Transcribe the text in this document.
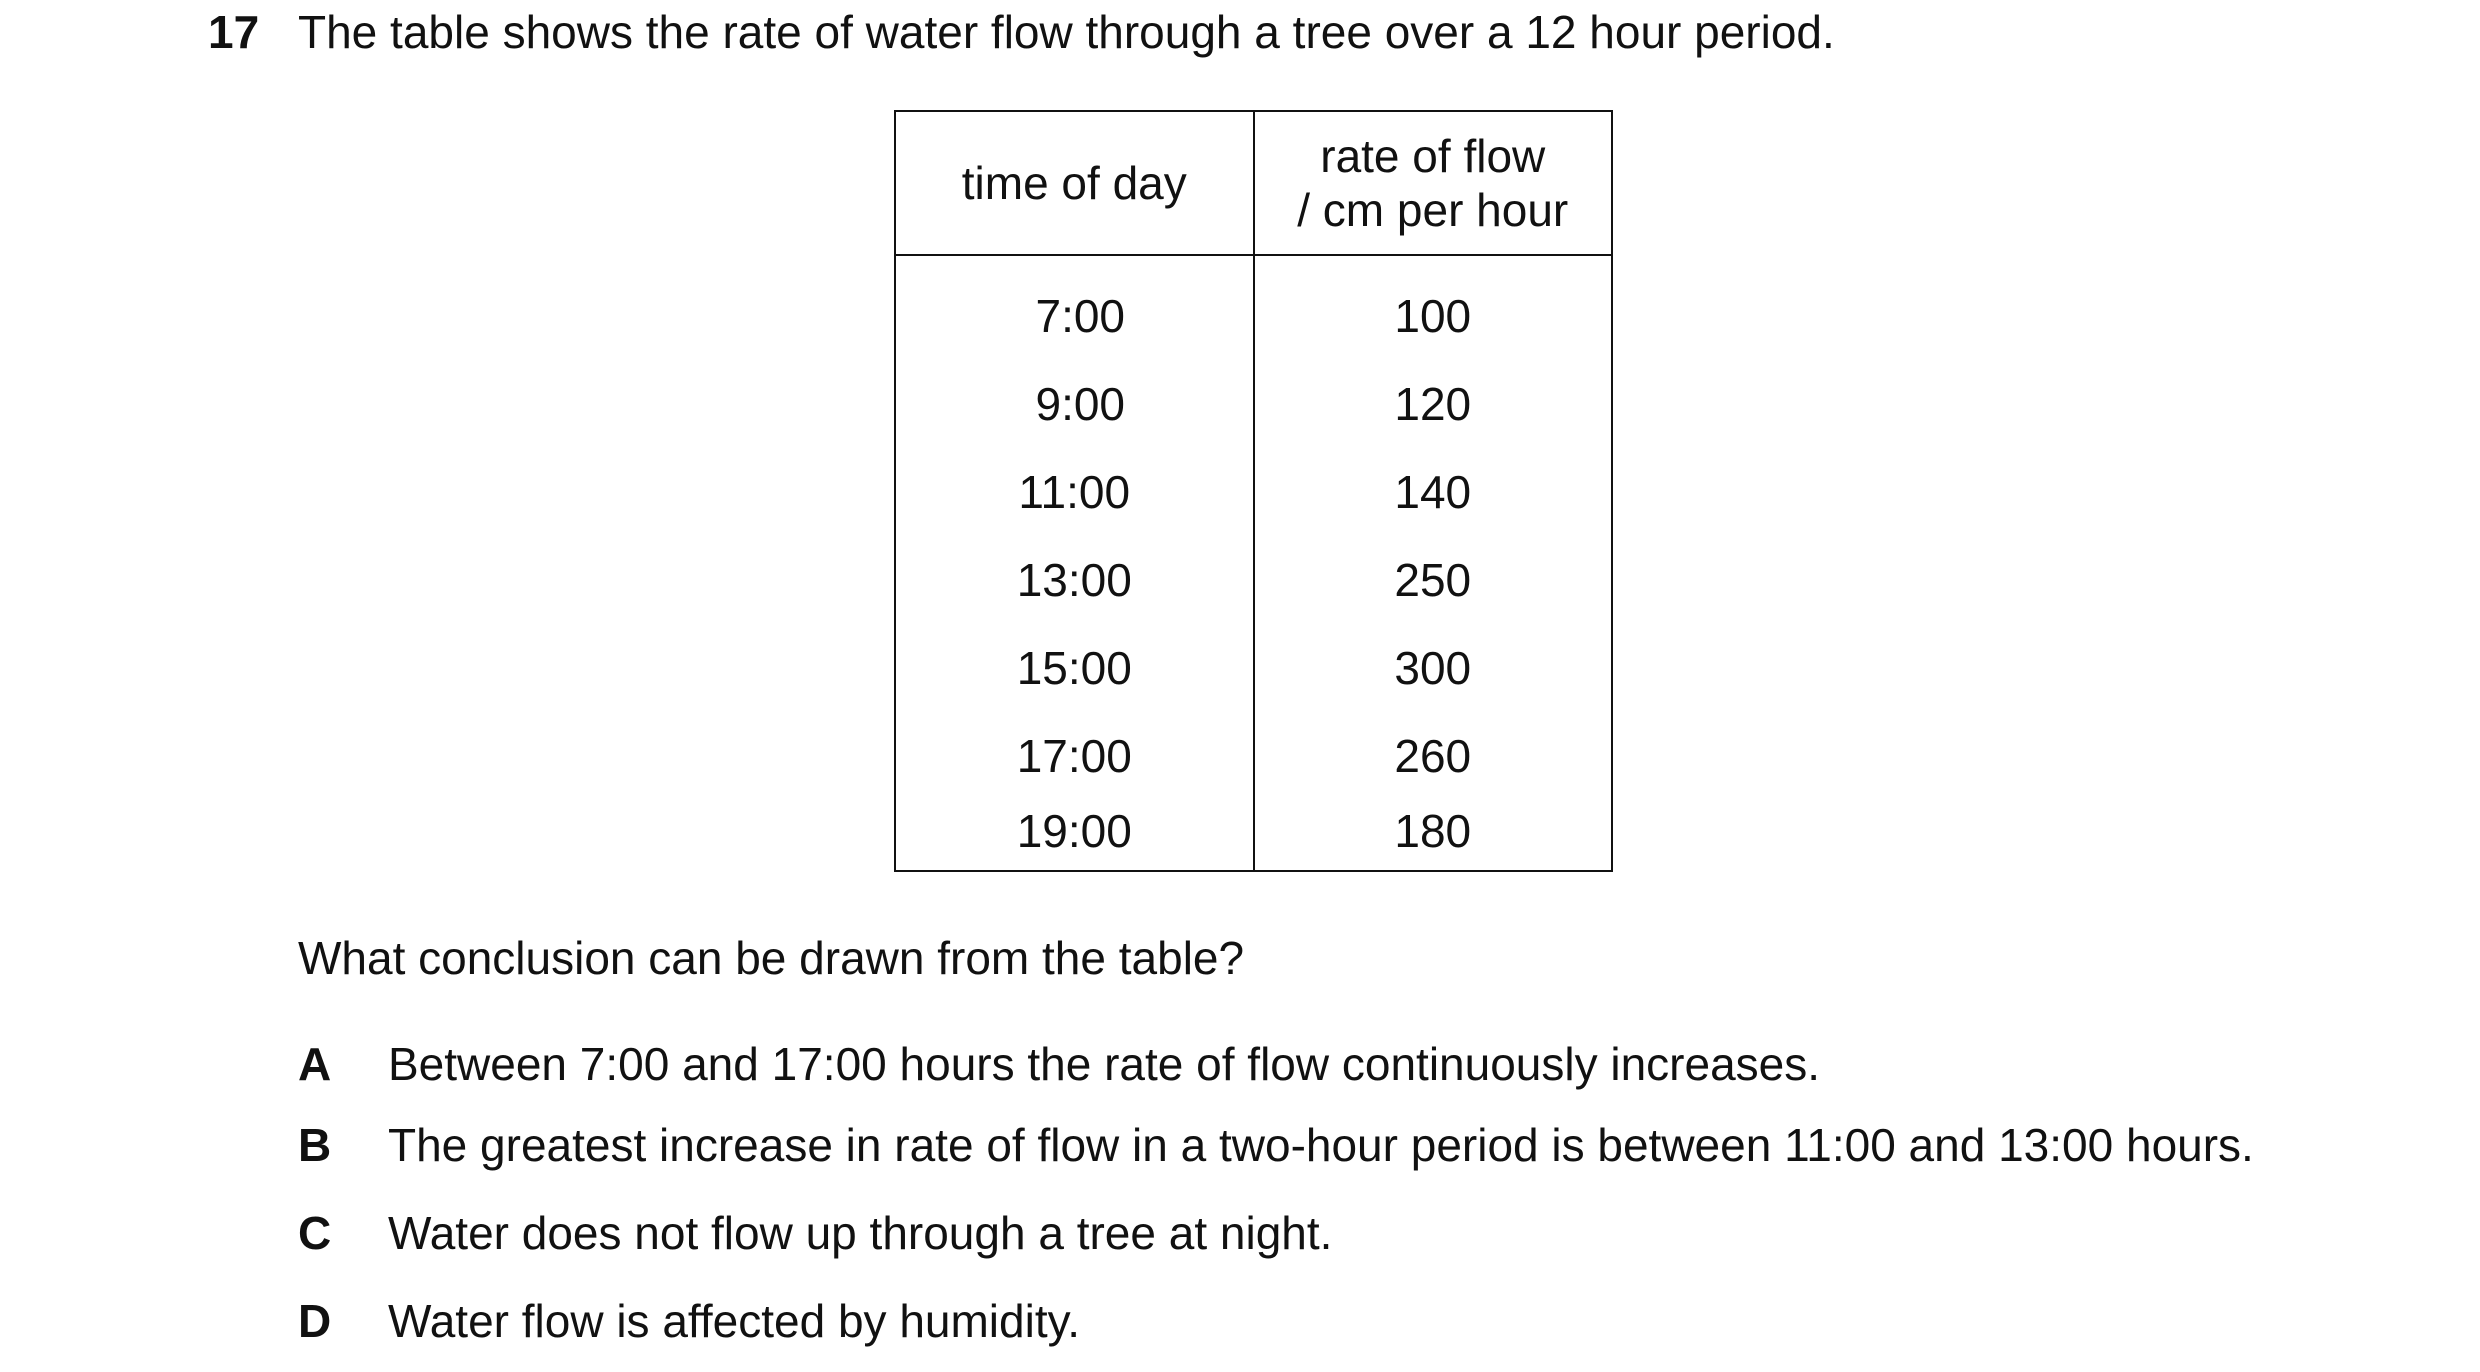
17 The table shows the rate of water flow through a tree over a 12 hour period.
time of day	rate of flow
/ cm per hour
7:00	100
9:00	120
11:00	140
13:00	250
15:00	300
17:00	260
19:00	180
What conclusion can be drawn from the table?
A Between 7:00 and 17:00 hours the rate of flow continuously increases.
B The greatest increase in rate of flow in a two-hour period is between 11:00 and 13:00 hours.
C Water does not flow up through a tree at night.
D Water flow is affected by humidity.
